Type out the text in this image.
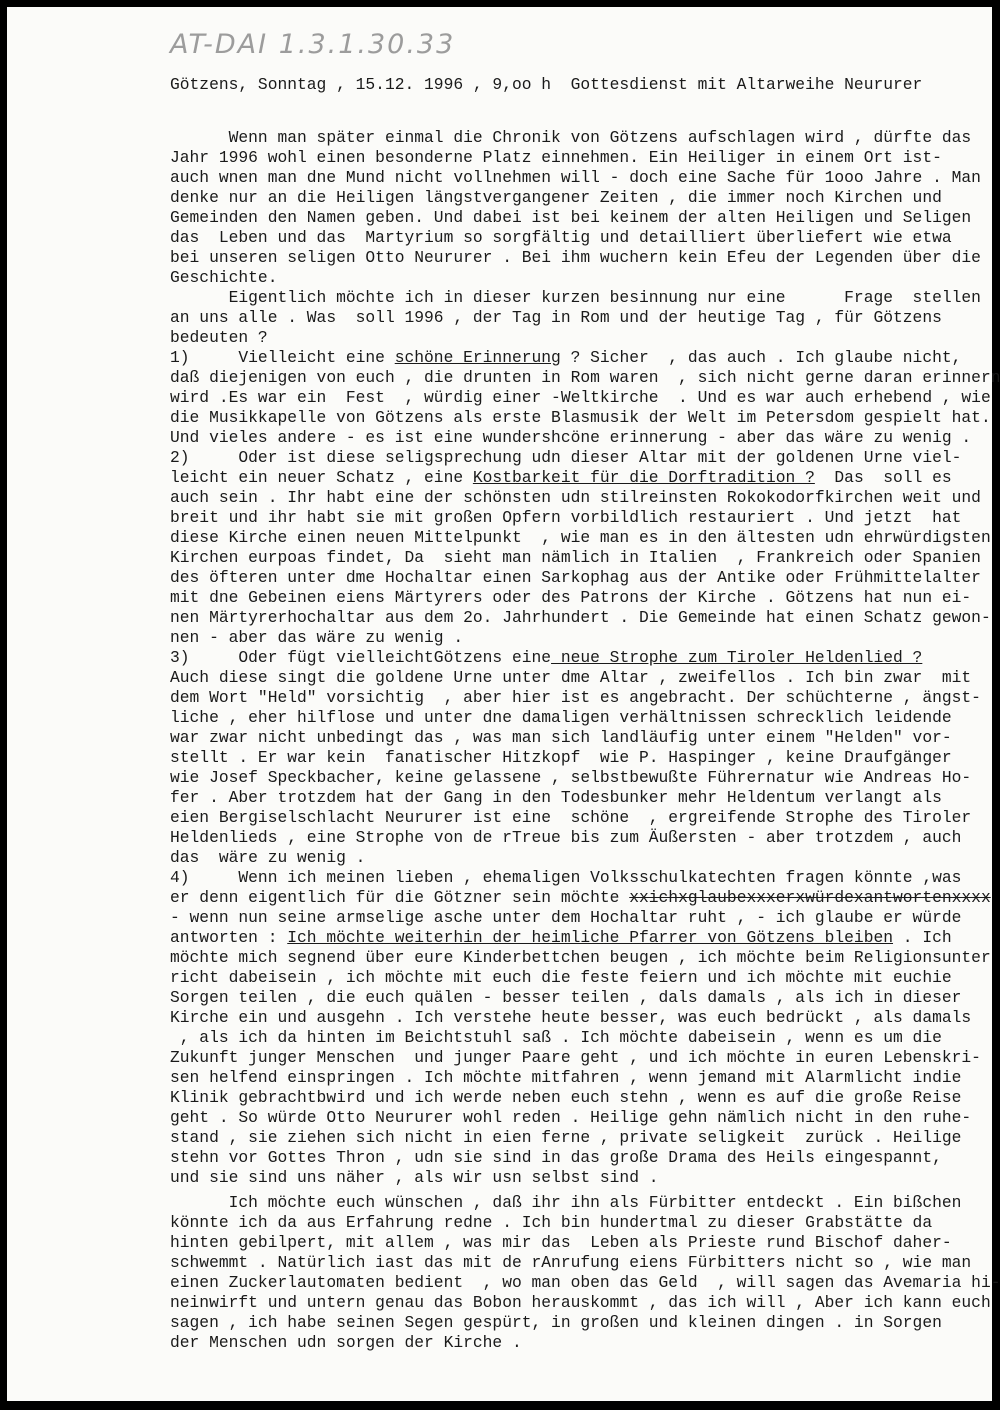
AT-DAI 1.3.1.30.33
Götzens, Sonntag , 15.12. 1996 , 9,oo h  Gottesdienst mit Altarweihe Neururer
Wenn man später einmal die Chronik von Götzens aufschlagen wird , dürfte das
Jahr 1996 wohl einen besonderne Platz einnehmen. Ein Heiliger in einem Ort ist-
auch wnen man dne Mund nicht vollnehmen will - doch eine Sache für 1ooo Jahre . Man
denke nur an die Heiligen längstvergangener Zeiten , die immer noch Kirchen und
Gemeinden den Namen geben. Und dabei ist bei keinem der alten Heiligen und Seligen
das  Leben und das  Martyrium so sorgfältig und detailliert überliefert wie etwa
bei unseren seligen Otto Neururer . Bei ihm wuchern kein Efeu der Legenden über die
Geschichte.
Eigentlich möchte ich in dieser kurzen besinnung nur eine      Frage  stellen
an uns alle . Was  soll 1996 , der Tag in Rom und der heutige Tag , für Götzens
bedeuten ?
1)     Vielleicht eine schöne Erinnerung ? Sicher  , das auch . Ich glaube nicht,
daß diejenigen von euch , die drunten in Rom waren  , sich nicht gerne daran erinnern
wird .Es war ein  Fest  , würdig einer -Weltkirche  . Und es war auch erhebend , wie
die Musikkapelle von Götzens als erste Blasmusik der Welt im Petersdom gespielt hat.
Und vieles andere - es ist eine wundershcöne erinnerung - aber das wäre zu wenig .
2)     Oder ist diese seligsprechung udn dieser Altar mit der goldenen Urne viel-
leicht ein neuer Schatz , eine Kostbarkeit für die Dorftradition ?  Das  soll es
auch sein . Ihr habt eine der schönsten udn stilreinsten Rokokodorfkirchen weit und
breit und ihr habt sie mit großen Opfern vorbildlich restauriert . Und jetzt  hat
diese Kirche einen neuen Mittelpunkt  , wie man es in den ältesten udn ehrwürdigsten
Kirchen eurpoas findet, Da  sieht man nämlich in Italien  , Frankreich oder Spanien
des öfteren unter dme Hochaltar einen Sarkophag aus der Antike oder Frühmittelalter
mit dne Gebeinen eiens Märtyrers oder des Patrons der Kirche . Götzens hat nun ei-
nen Märtyrerhochaltar aus dem 2o. Jahrhundert . Die Gemeinde hat einen Schatz gewon-
nen - aber das wäre zu wenig .
3)     Oder fügt vielleichtGötzens eine neue Strophe zum Tiroler Heldenlied ?
Auch diese singt die goldene Urne unter dme Altar , zweifellos . Ich bin zwar  mit
dem Wort "Held" vorsichtig  , aber hier ist es angebracht. Der schüchterne , ängst-
liche , eher hilflose und unter dne damaligen verhältnissen schrecklich leidende
war zwar nicht unbedingt das , was man sich landläufig unter einem "Helden" vor-
stellt . Er war kein  fanatischer Hitzkopf  wie P. Haspinger , keine Draufgänger
wie Josef Speckbacher, keine gelassene , selbstbewußte Führernatur wie Andreas Ho-
fer . Aber trotzdem hat der Gang in den Todesbunker mehr Heldentum verlangt als
eien Bergiselschlacht Neururer ist eine  schöne  , ergreifende Strophe des Tiroler
Heldenlieds , eine Strophe von de rTreue bis zum Äußersten - aber trotzdem , auch
das  wäre zu wenig .
4)     Wenn ich meinen lieben , ehemaligen Volksschulkatechten fragen könnte ,was
er denn eigentlich für die Götzner sein möchte xxichxglaubexxxerxwürdexantwortenxxxx
- wenn nun seine armselige asche unter dem Hochaltar ruht , - ich glaube er würde
antworten : Ich möchte weiterhin der heimliche Pfarrer von Götzens bleiben . Ich
möchte mich segnend über eure Kinderbettchen beugen , ich möchte beim Religionsunter
richt dabeisein , ich möchte mit euch die feste feiern und ich möchte mit euchie
Sorgen teilen , die euch quälen - besser teilen , dals damals , als ich in dieser
Kirche ein und ausgehn . Ich verstehe heute besser, was euch bedrückt , als damals
, als ich da hinten im Beichtstuhl saß . Ich möchte dabeisein , wenn es um die
Zukunft junger Menschen  und junger Paare geht , und ich möchte in euren Lebenskri-
sen helfend einspringen . Ich möchte mitfahren , wenn jemand mit Alarmlicht indie
Klinik gebrachtbwird und ich werde neben euch stehn , wenn es auf die große Reise
geht . So würde Otto Neururer wohl reden . Heilige gehn nämlich nicht in den ruhe-
stand , sie ziehen sich nicht in eien ferne , private seligkeit  zurück . Heilige
stehn vor Gottes Thron , udn sie sind in das große Drama des Heils eingespannt,
und sie sind uns näher , als wir usn selbst sind .
Ich möchte euch wünschen , daß ihr ihn als Fürbitter entdeckt . Ein bißchen
könnte ich da aus Erfahrung redne . Ich bin hundertmal zu dieser Grabstätte da
hinten gebilpert, mit allem , was mir das  Leben als Prieste rund Bischof daher-
schwemmt . Natürlich iast das mit de rAnrufung eiens Fürbitters nicht so , wie man
einen Zuckerlautomaten bedient  , wo man oben das Geld  , will sagen das Avemaria hi-
neinwirft und untern genau das Bobon herauskommt , das ich will , Aber ich kann euch
sagen , ich habe seinen Segen gespürt, in großen und kleinen dingen . in Sorgen
der Menschen udn sorgen der Kirche .
